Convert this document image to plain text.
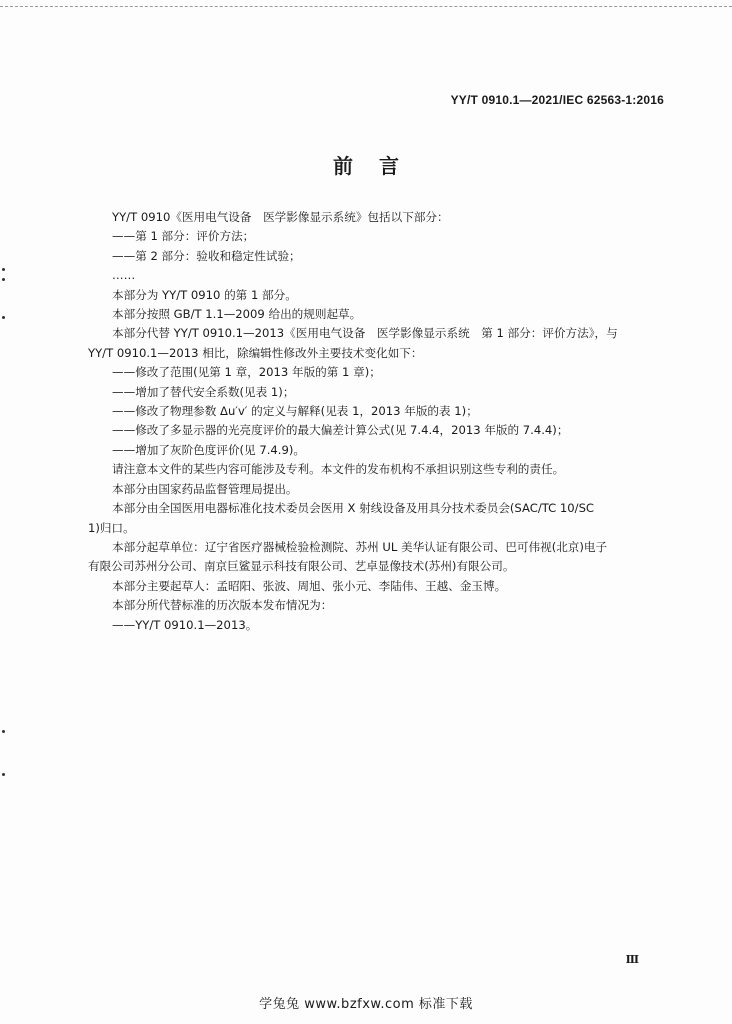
YY/T 0910.1—2021/IEC 62563-1:2016
前言

YY/T 0910《医用电气设备　医学影像显示系统》包括以下部分：

——第 1 部分：评价方法；

——第 2 部分：验收和稳定性试验；

……

本部分为 YY/T 0910 的第 1 部分。

本部分按照 GB/T 1.1—2009 给出的规则起草。

本部分代替 YY/T 0910.1—2013《医用电气设备　医学影像显示系统　第 1 部分：评价方法》，与

YY/T 0910.1—2013 相比，除编辑性修改外主要技术变化如下：

——修改了范围(见第 1 章，2013 年版的第 1 章)；

——增加了替代安全系数(见表 1)；

——修改了物理参数 Δu′v′ 的定义与解释(见表 1，2013 年版的表 1)；

——修改了多显示器的光亮度评价的最大偏差计算公式(见 7.4.4，2013 年版的 7.4.4)；

——增加了灰阶色度评价(见 7.4.9)。

请注意本文件的某些内容可能涉及专利。本文件的发布机构不承担识别这些专利的责任。

本部分由国家药品监督管理局提出。

本部分由全国医用电器标准化技术委员会医用 X 射线设备及用具分技术委员会(SAC/TC 10/SC

1)归口。

本部分起草单位：辽宁省医疗器械检验检测院、苏州 UL 美华认证有限公司、巴可伟视(北京)电子

有限公司苏州分公司、南京巨鲨显示科技有限公司、艺卓显像技术(苏州)有限公司。

本部分主要起草人：孟昭阳、张波、周旭、张小元、李陆伟、王越、金玉博。

本部分所代替标准的历次版本发布情况为：

——YY/T 0910.1—2013。

Ⅲ
学兔兔 www.bzfxw.com 标准下载
